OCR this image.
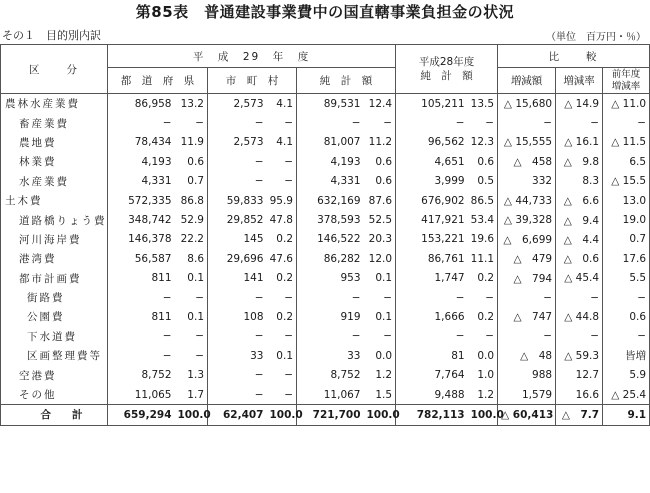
第85表　普通建設事業費中の国直轄事業負担金の状況
その１　目的別内訳	（単位　百万円・％）
区　　分	平　成　29　年　度						平成28年度
純　計　額		比　　較		
	都　道　府　県		市　町　村		純　計　額				増減額	増減率	前年度
増減率
農林水産業費	86,958	13.2	2,573	4.1	89,531	12.4	105,211	13.5	△ 15,680	△ 14.9	△ 11.0
畜産業費	−	−	−	−	−	−	−	−	−	−	−
農地費	78,434	11.9	2,573	4.1	81,007	11.2	96,562	12.3	△ 15,555	△ 16.1	△ 11.5
林業費	4,193	0.6	−	−	4,193	0.6	4,651	0.6	△　458	△　9.8	6.5
水産業費	4,331	0.7	−	−	4,331	0.6	3,999	0.5	332	8.3	△ 15.5
土木費	572,335	86.8	59,833	95.9	632,169	87.6	676,902	86.5	△ 44,733	△　6.6	13.0
道路橋りょう費	348,742	52.9	29,852	47.8	378,593	52.5	417,921	53.4	△ 39,328	△　9.4	19.0
河川海岸費	146,378	22.2	145	0.2	146,522	20.3	153,221	19.6	△　6,699	△　4.4	0.7
港湾費	56,587	8.6	29,696	47.6	86,282	12.0	86,761	11.1	△　479	△　0.6	17.6
都市計画費	811	0.1	141	0.2	953	0.1	1,747	0.2	△　794	△ 45.4	5.5
街路費	−	−	−	−	−	−	−	−	−	−	−
公園費	811	0.1	108	0.2	919	0.1	1,666	0.2	△　747	△ 44.8	0.6
下水道費	−	−	−	−	−	−	−	−	−	−	−
区画整理費等	−	−	33	0.1	33	0.0	81	0.0	△　48	△ 59.3	皆増
空港費	8,752	1.3	−	−	8,752	1.2	7,764	1.0	988	12.7	5.9
その他	11,065	1.7	−	−	11,067	1.5	9,488	1.2	1,579	16.6	△ 25.4
合　　計	659,294	100.0	62,407	100.0	721,700	100.0	782,113	100.0	△ 60,413	△　7.7	9.1
